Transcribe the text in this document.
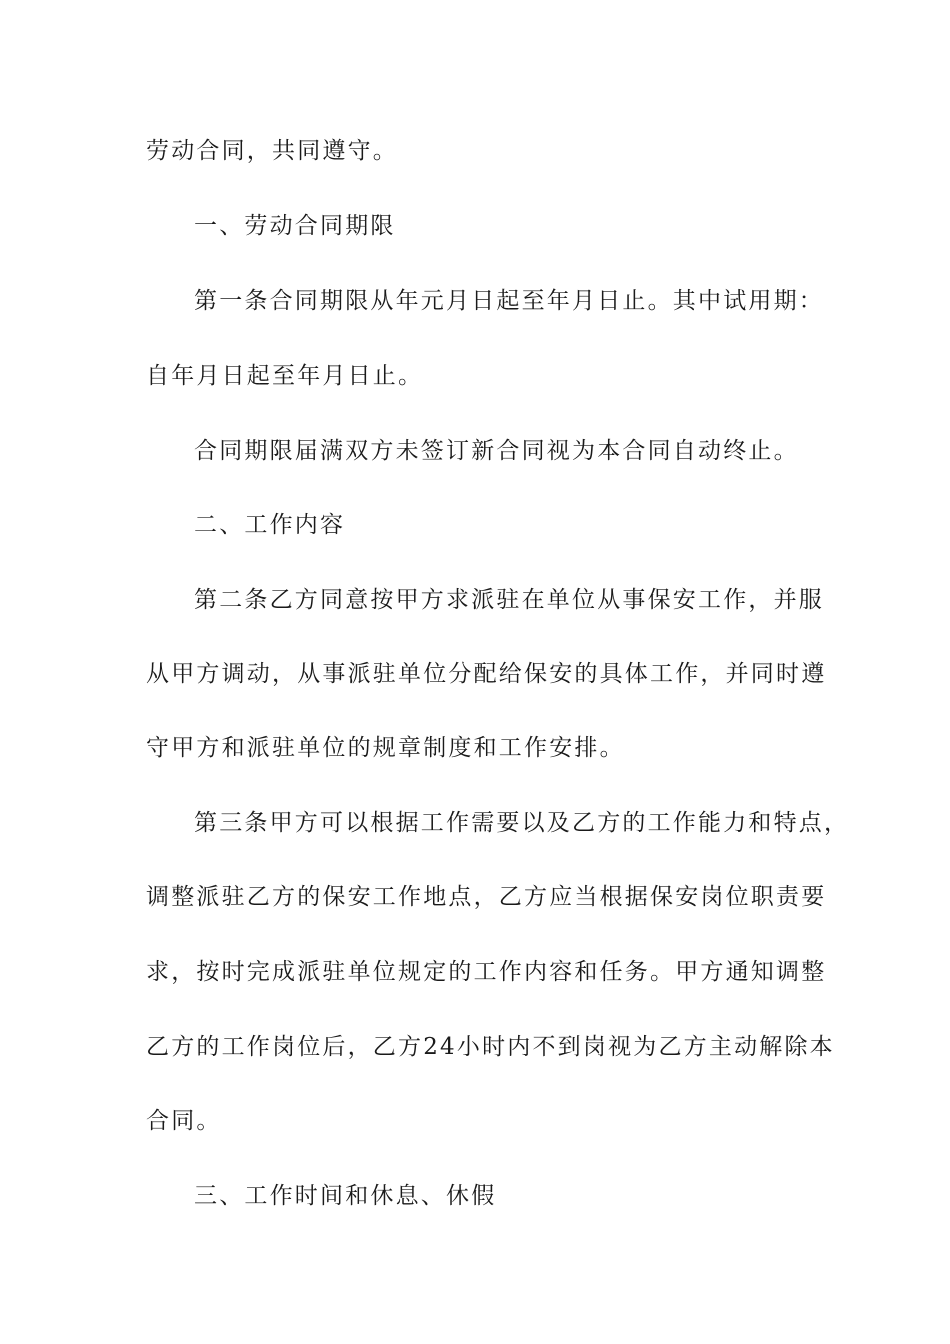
劳动合同，共同遵守。
一、劳动合同期限
第一条合同期限从年元月日起至年月日止。其中试用期：
自年月日起至年月日止。
合同期限届满双方未签订新合同视为本合同自动终止。
二、工作内容
第二条乙方同意按甲方求派驻在单位从事保安工作，并服
从甲方调动，从事派驻单位分配给保安的具体工作，并同时遵
守甲方和派驻单位的规章制度和工作安排。
第三条甲方可以根据工作需要以及乙方的工作能力和特点，
调整派驻乙方的保安工作地点，乙方应当根据保安岗位职责要
求，按时完成派驻单位规定的工作内容和任务。甲方通知调整
乙方的工作岗位后，乙方24小时内不到岗视为乙方主动解除本
合同。
三、工作时间和休息、休假
